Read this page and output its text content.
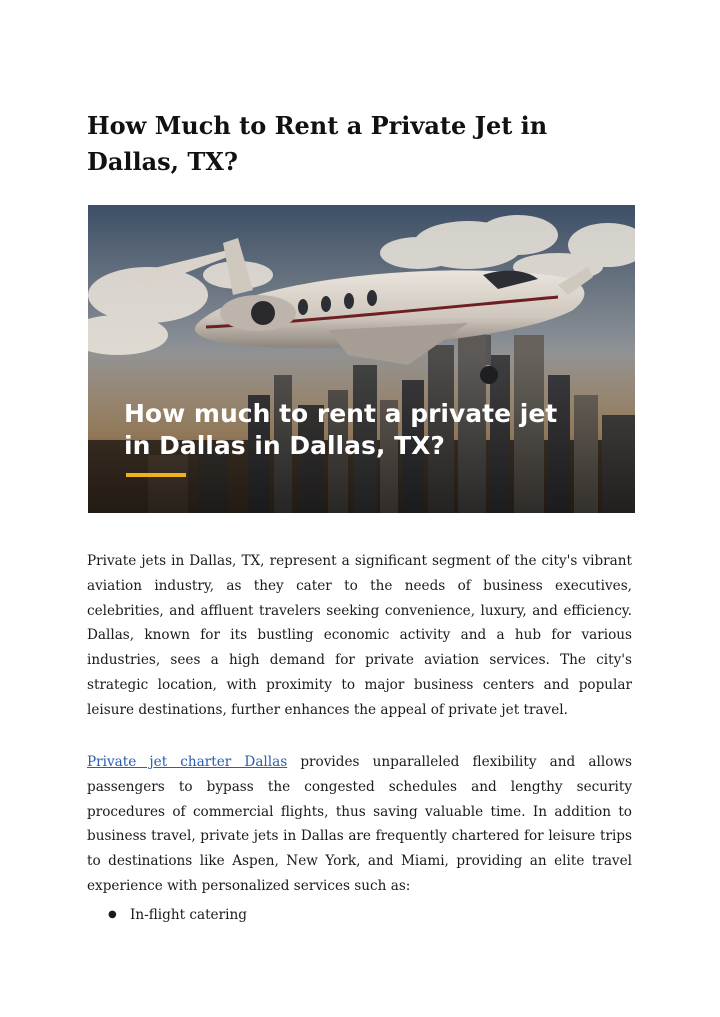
How Much to Rent a Private Jet in Dallas, TX?
How much to rent a private jet
in Dallas in Dallas, TX?

Private jets in Dallas, TX, represent a significant segment of the city's vibrant aviation industry, as they cater to the needs of business executives, celebrities, and affluent travelers seeking convenience, luxury, and efficiency. Dallas, known for its bustling economic activity and a hub for various industries, sees a high demand for private aviation services. The city's strategic location, with proximity to major business centers and popular leisure destinations, further enhances the appeal of private jet travel.

Private jet charter Dallas provides unparalleled flexibility and allows passengers to bypass the congested schedules and lengthy security procedures of commercial flights, thus saving valuable time. In addition to business travel, private jets in Dallas are frequently chartered for leisure trips to destinations like Aspen, New York, and Miami, providing an elite travel experience with personalized services such as:

● In-flight catering
